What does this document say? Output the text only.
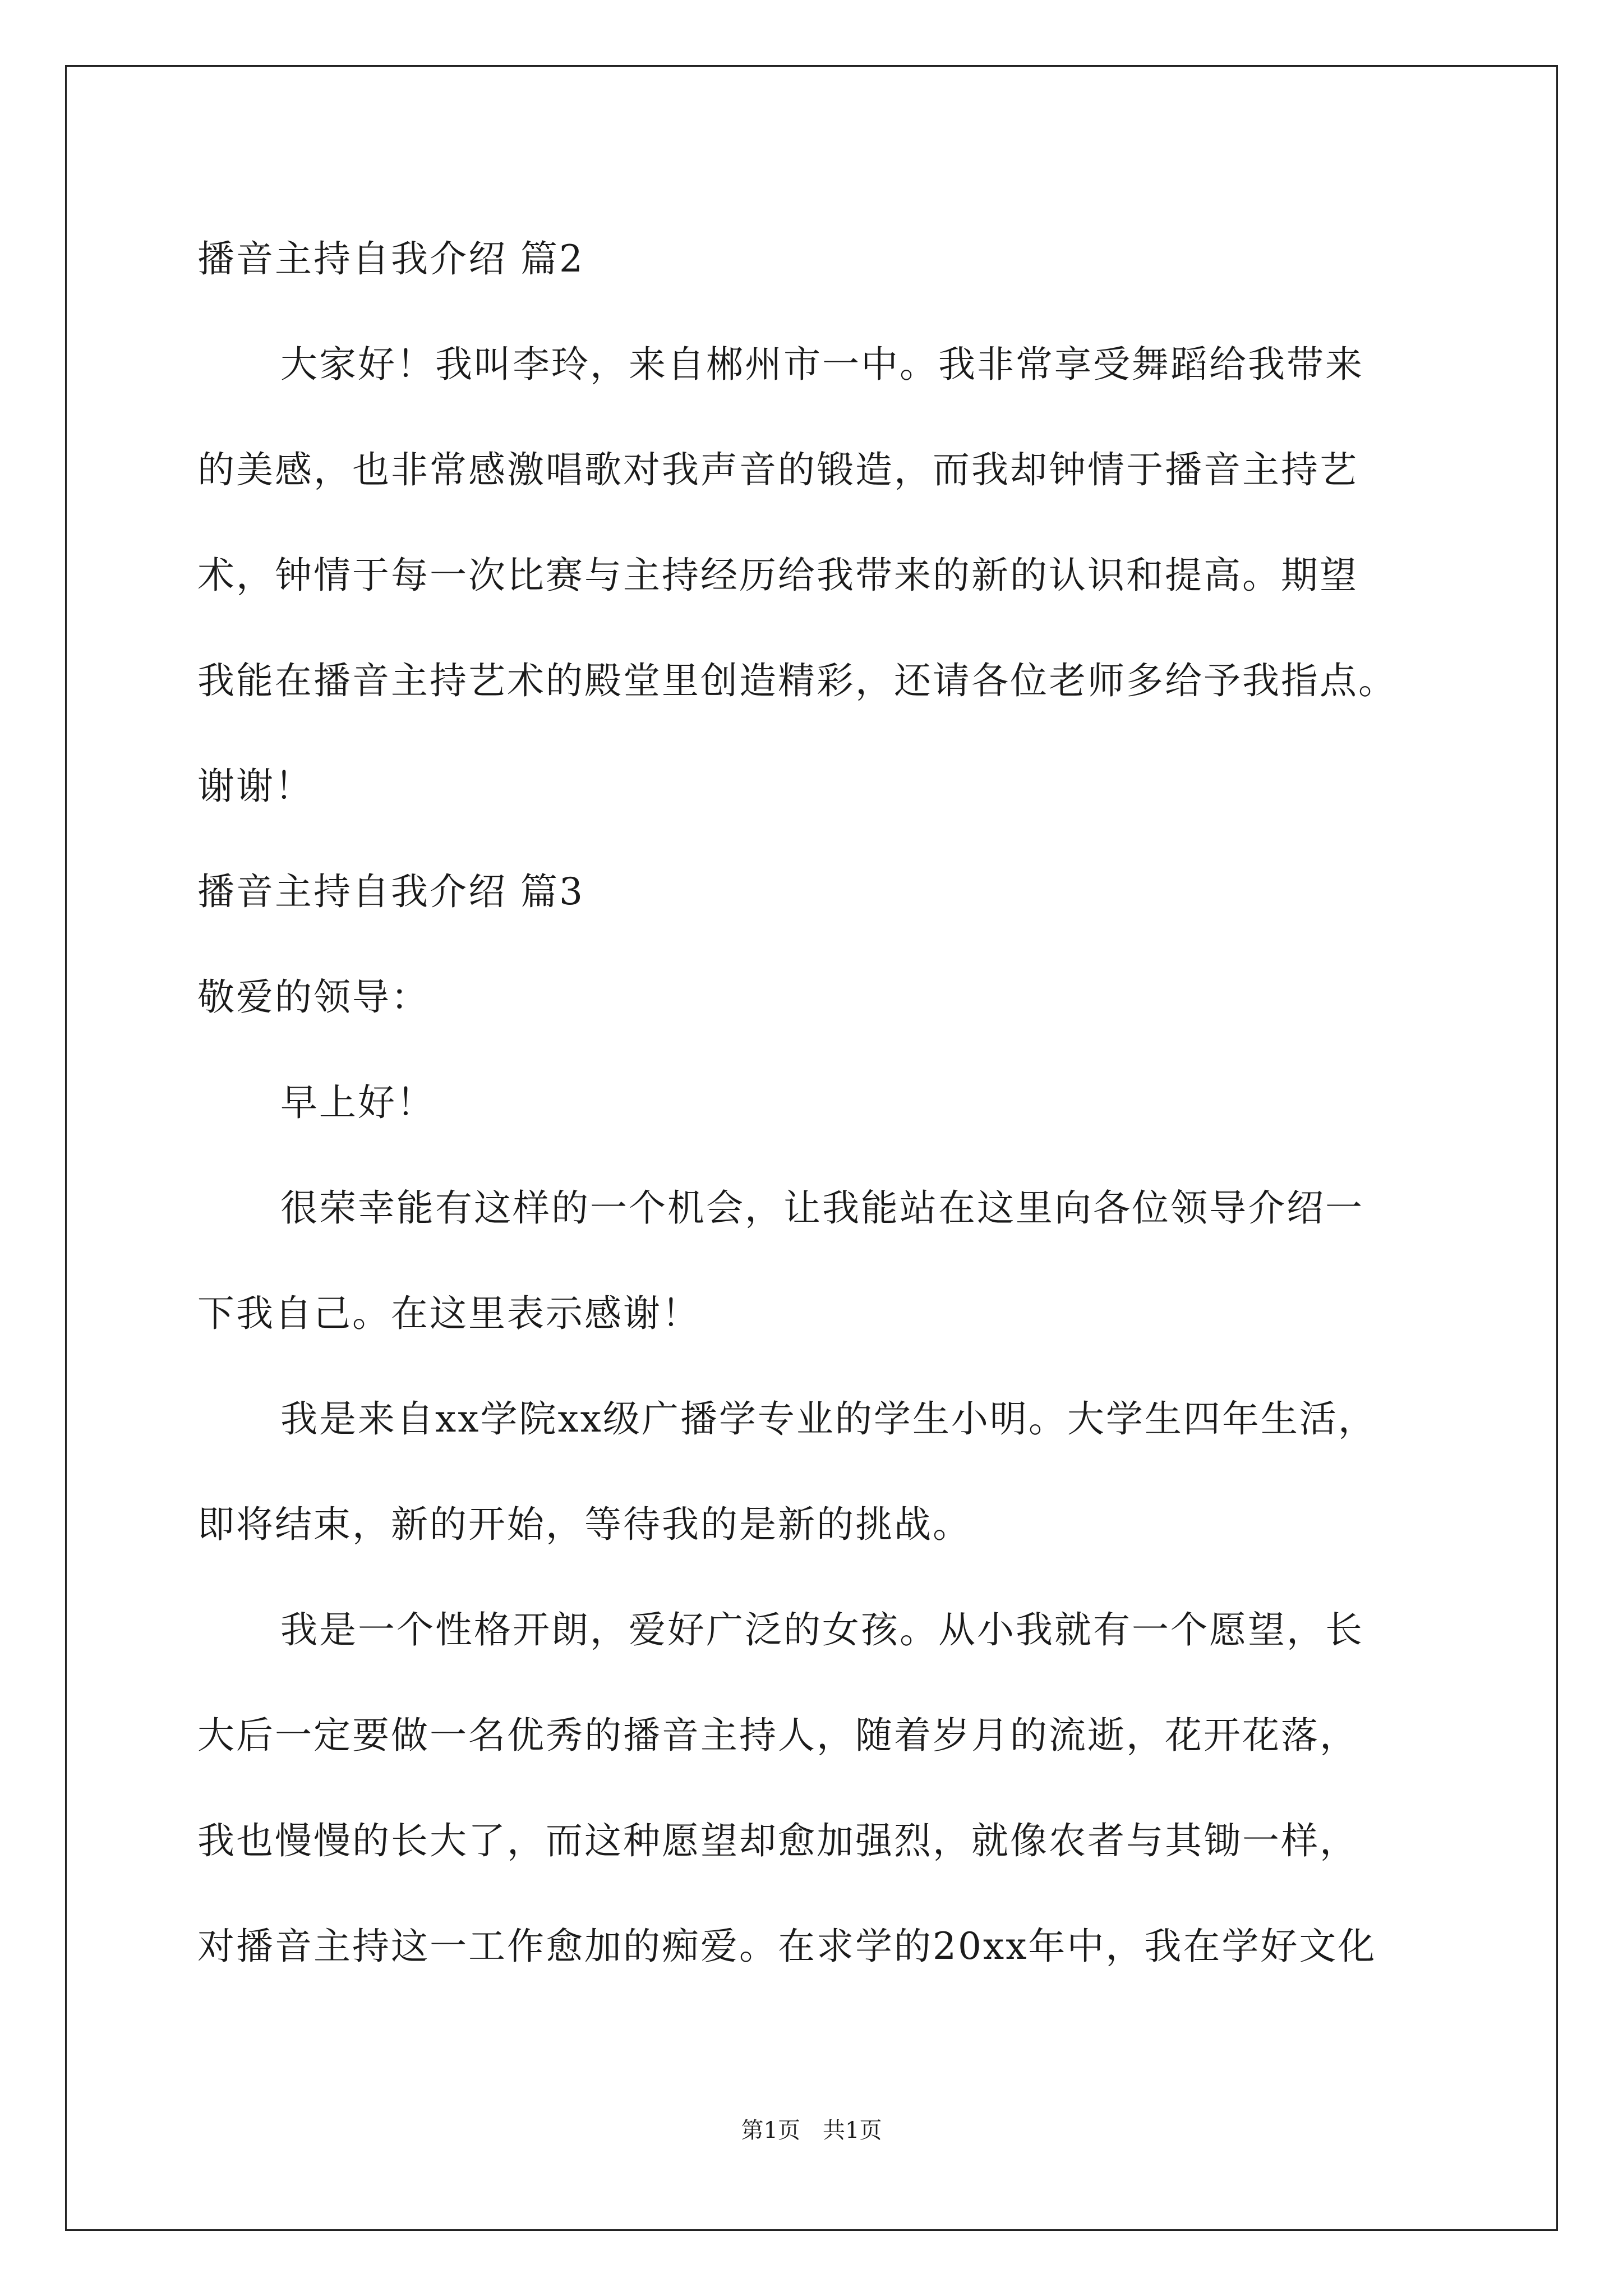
播音主持自我介绍 篇2
大家好！我叫李玲，来自郴州市一中。我非常享受舞蹈给我带来
的美感，也非常感激唱歌对我声音的锻造，而我却钟情于播音主持艺
术，钟情于每一次比赛与主持经历给我带来的新的认识和提高。期望
我能在播音主持艺术的殿堂里创造精彩，还请各位老师多给予我指点。
谢谢！
播音主持自我介绍 篇3
敬爱的领导：
早上好！
很荣幸能有这样的一个机会，让我能站在这里向各位领导介绍一
下我自己。在这里表示感谢！
我是来自xx学院xx级广播学专业的学生小明。大学生四年生活，
即将结束，新的开始，等待我的是新的挑战。
我是一个性格开朗，爱好广泛的女孩。从小我就有一个愿望，长
大后一定要做一名优秀的播音主持人，随着岁月的流逝，花开花落，
我也慢慢的长大了，而这种愿望却愈加强烈，就像农者与其锄一样，
对播音主持这一工作愈加的痴爱。在求学的20xx年中，我在学好文化
第1页 共1页
